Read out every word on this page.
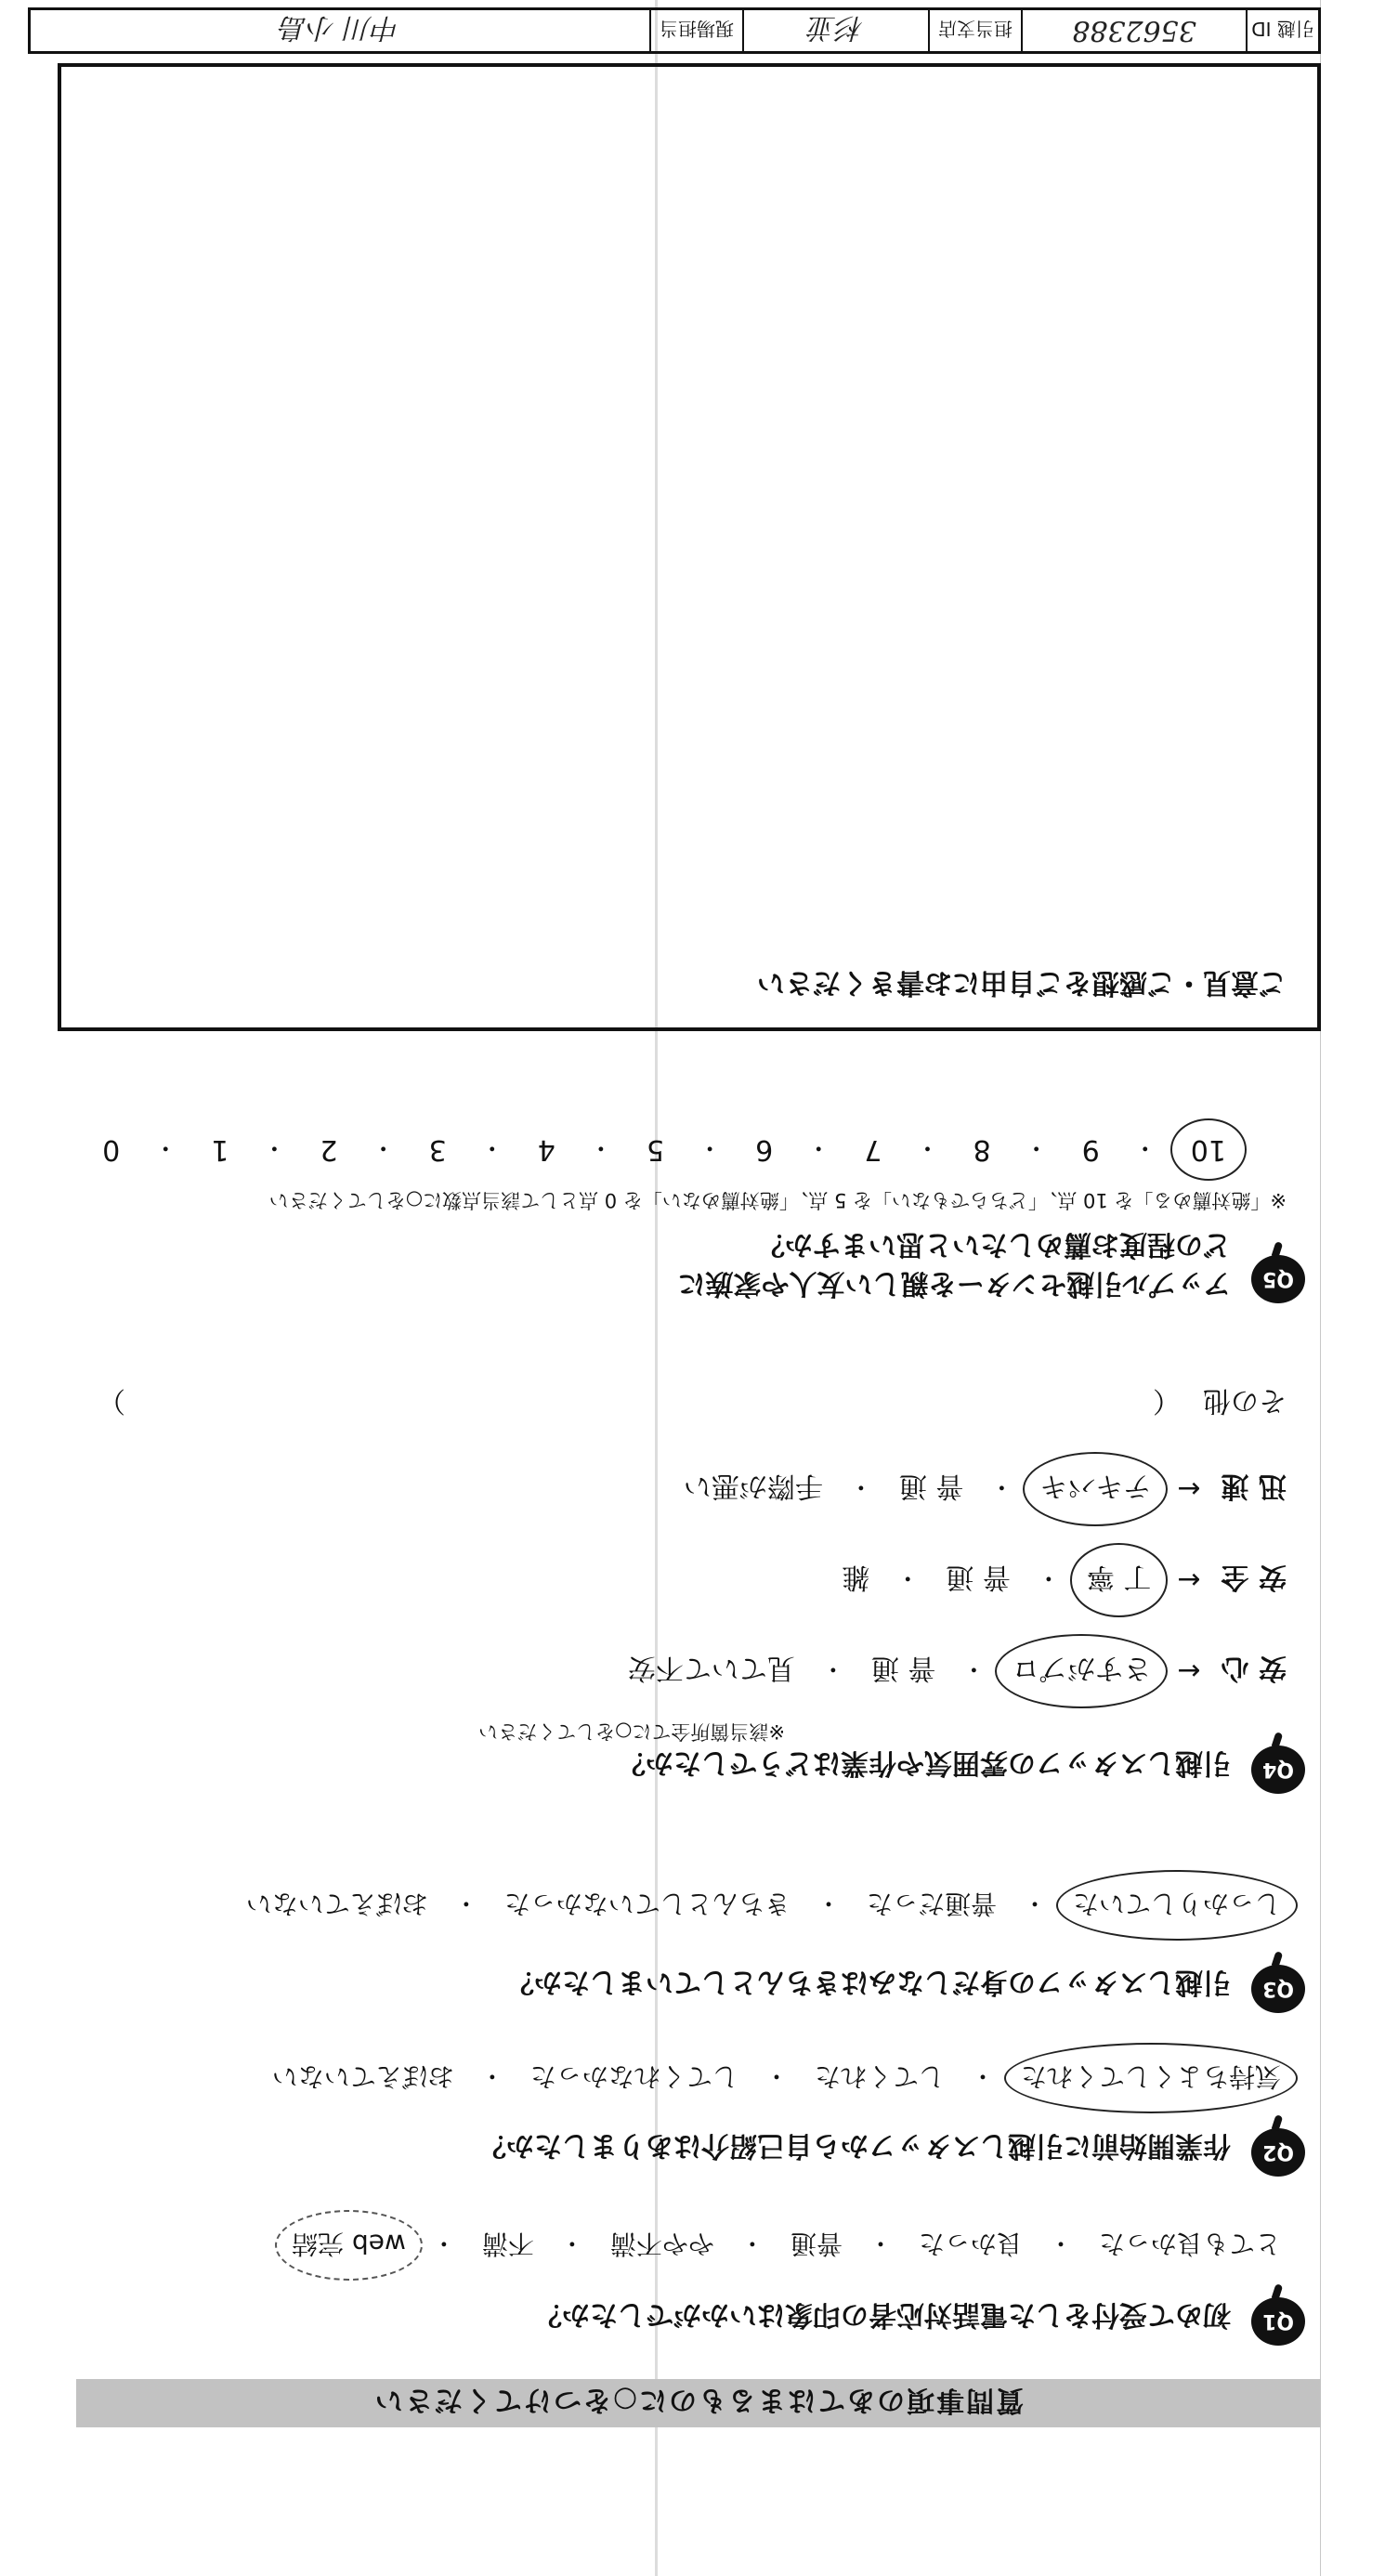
質問事項のあてはまるものに○をつけてください
Q1
初めて受付をした電話対応者の印象はいかがでしたか？
とても良かった
・
良かった
・
普通
・
やや不満
・
不満
・
web 完結
Q2
作業開始前に引越しスタッフから自己紹介はありましたか？
気持ちよくしてくれた
・
してくれた
・
してくれなかった
・
おぼえていない
Q3
引越しスタッフの身だしなみはきちんとしていましたか？
しっかりしていた
・
普通だった
・
きちんとしていなかった
・
おぼえていない
Q4
引越しスタッフの雰囲気や作業はどうでしたか？
※該当箇所全てに○をしてください
安 心
←
さすがプロ
・
普 通
・
見ていて不安
安 全
←
丁 寧
・
普 通
・
雑
迅 速
←
テキパキ
・
普 通
・
手際が悪い
その他
（
）
Q5
アップル引越センターを親しい友人や家族に
どの程度お薦めしたいと思いますか？
※「絶対薦める」を 10 点、「どちらでもない」を 5 点、「絶対薦めない」を 0 点として該当点数に○をしてください
10
・
9
・
8
・
7
・
6
・
5
・
4
・
3
・
2
・
1
・
0
ご意見・ご感想をご自由にお書きください
引越 ID
3562388
担当支店
杉並
現場担当
中川 小島
